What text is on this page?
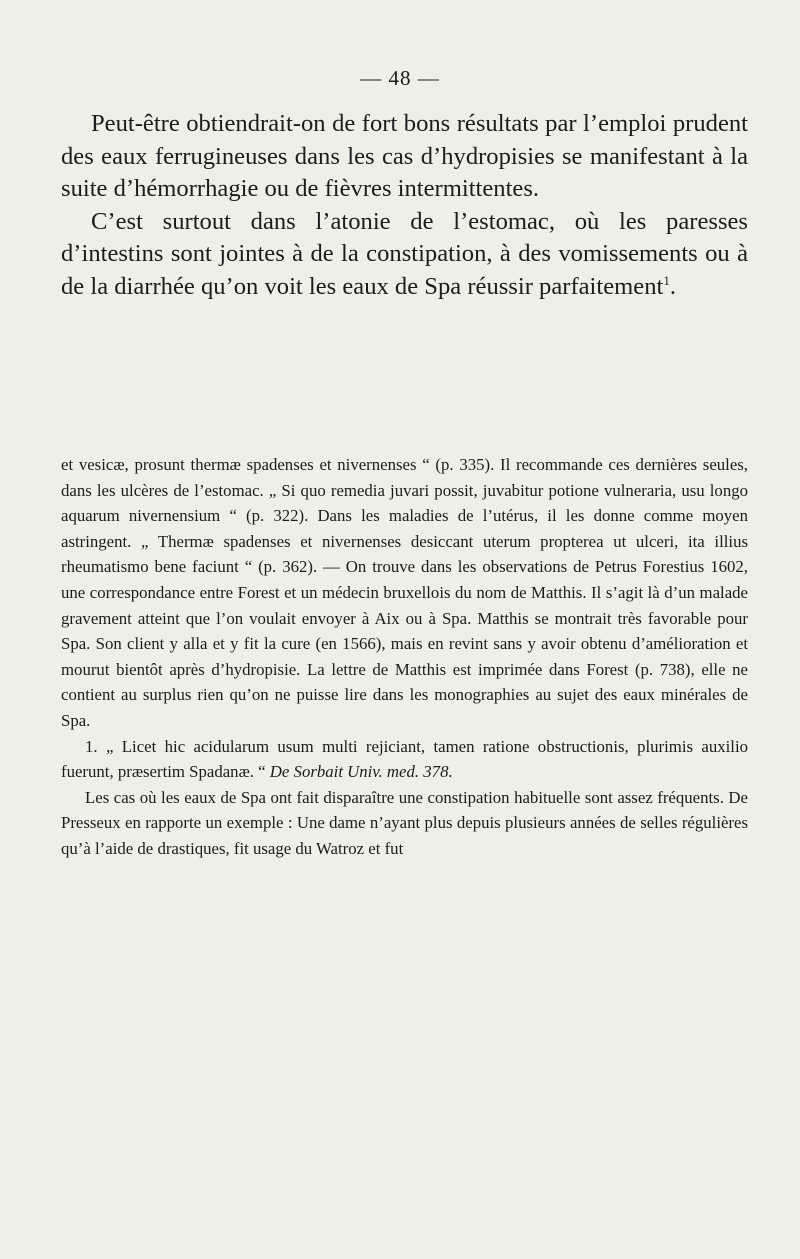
— 48 —

Peut-être obtiendrait-on de fort bons résultats par l’emploi prudent des eaux ferrugineuses dans les cas d’hydropisies se manifestant à la suite d’hémorrhagie ou de fièvres intermittentes.

C’est surtout dans l’atonie de l’estomac, où les paresses d’intestins sont jointes à de la constipation, à des vomissements ou à de la diarrhée qu’on voit les eaux de Spa réussir parfaitement$^1$.

et vesicæ, prosunt thermæ spadenses et nivernenses “ (p. 335). Il recommande ces dernières seules, dans les ulcères de l’estomac. „ Si quo remedia juvari possit, juvabitur potione vulneraria, usu longo aquarum nivernensium “ (p. 322). Dans les maladies de l’utérus, il les donne comme moyen astringent. „ Thermæ spadenses et nivernenses desiccant uterum propterea ut ulceri, ita illius rheumatismo bene faciunt “ (p. 362). — On trouve dans les observations de Petrus Forestius 1602, une correspondance entre Forest et un médecin bruxellois du nom de Matthis. Il s’agit là d’un malade gravement atteint que l’on voulait envoyer à Aix ou à Spa. Matthis se montrait très favorable pour Spa. Son client y alla et y fit la cure (en 1566), mais en revint sans y avoir obtenu d’amélioration et mourut bientôt après d’hydropisie. La lettre de Matthis est imprimée dans Forest (p. 738), elle ne contient au surplus rien qu’on ne puisse lire dans les monographies au sujet des eaux minérales de Spa.

1. „ Licet hic acidularum usum multi rejiciant, tamen ratione obstructionis, plurimis auxilio fuerunt, præsertim Spadanæ. “ De Sorbait Univ. med. 378.

Les cas où les eaux de Spa ont fait disparaître une constipation habituelle sont assez fréquents. De Presseux en rapporte un exemple : Une dame n’ayant plus depuis plusieurs années de selles régulières qu’à l’aide de drastiques, fit usage du Watroz et fut
